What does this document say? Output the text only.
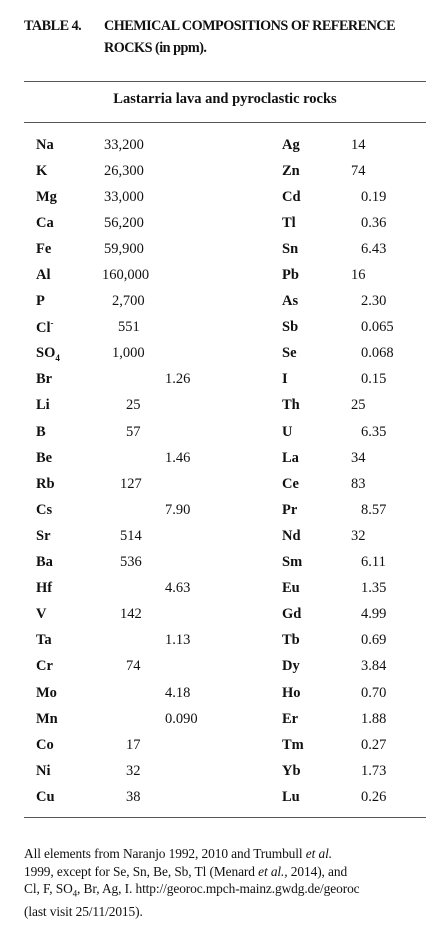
TABLE 4. CHEMICAL COMPOSITIONS OF REFERENCE
ROCKS (in ppm).
Lastarria lava and pyroclastic rocks
Na	33,200	Ag	14
K	26,300	Zn	74
Mg	33,000	Cd	0.19
Ca	56,200	Tl	0.36
Fe	59,900	Sn	6.43
Al	160,000	Pb	16
P	2,700	As	2.30
Cl-	551	Sb	0.065
$SO_4$	1,000	Se	0.068
Br	1.26	I	0.15
Li	25	Th	25
B	57	U	6.35
Be	1.46	La	34
Rb	127	Ce	83
Cs	7.90	Pr	8.57
Sr	514	Nd	32
Ba	536	Sm	6.11
Hf	4.63	Eu	1.35
V	142	Gd	4.99
Ta	1.13	Tb	0.69
Cr	74	Dy	3.84
Mo	4.18	Ho	0.70
Mn	0.090	Er	1.88
Co	17	Tm	0.27
Ni	32	Yb	1.73
Cu	38	Lu	0.26
All elements from Naranjo 1992, 2010 and Trumbull et al.
1999, except for Se, Sn, Be, Sb, Tl (Menard et al., 2014), and
Cl, F, $SO_4$, Br, Ag, I. http://georoc.mpch-mainz.gwdg.de/georoc
(last visit 25/11/2015).
